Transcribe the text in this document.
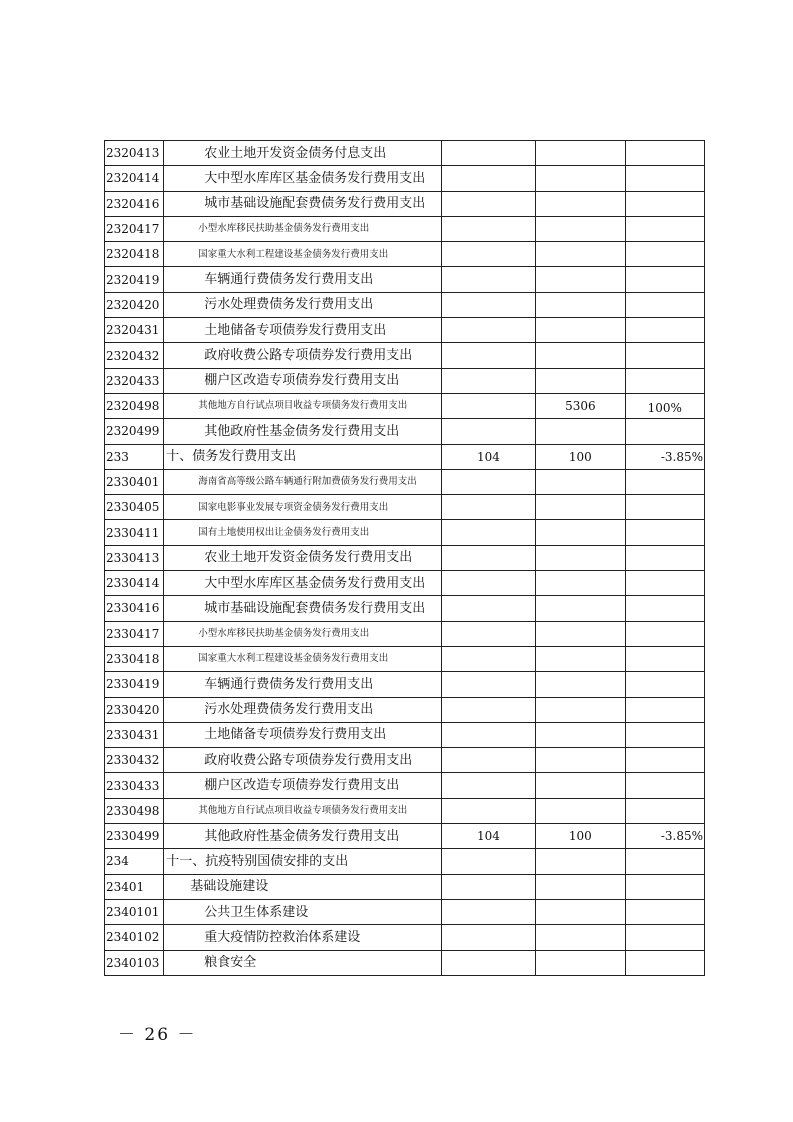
2320413	农业土地开发资金债务付息支出			
2320414	大中型水库库区基金债务发行费用支出			
2320416	城市基础设施配套费债务发行费用支出			
2320417	小型水库移民扶助基金债务发行费用支出			
2320418	国家重大水利工程建设基金债务发行费用支出			
2320419	车辆通行费债务发行费用支出			
2320420	污水处理费债务发行费用支出			
2320431	土地储备专项债券发行费用支出			
2320432	政府收费公路专项债券发行费用支出			
2320433	棚户区改造专项债券发行费用支出			
2320498	其他地方自行试点项目收益专项债务发行费用支出		5306	100%
2320499	其他政府性基金债务发行费用支出			
233	十、债务发行费用支出	104	100	-3.85%
2330401	海南省高等级公路车辆通行附加费债务发行费用支出			
2330405	国家电影事业发展专项资金债务发行费用支出			
2330411	国有土地使用权出让金债务发行费用支出			
2330413	农业土地开发资金债务发行费用支出			
2330414	大中型水库库区基金债务发行费用支出			
2330416	城市基础设施配套费债务发行费用支出			
2330417	小型水库移民扶助基金债务发行费用支出			
2330418	国家重大水利工程建设基金债务发行费用支出			
2330419	车辆通行费债务发行费用支出			
2330420	污水处理费债务发行费用支出			
2330431	土地储备专项债券发行费用支出			
2330432	政府收费公路专项债券发行费用支出			
2330433	棚户区改造专项债券发行费用支出			
2330498	其他地方自行试点项目收益专项债务发行费用支出			
2330499	其他政府性基金债务发行费用支出	104	100	-3.85%
234	十一、抗疫特别国债安排的支出			
23401	基础设施建设			
2340101	公共卫生体系建设			
2340102	重大疫情防控救治体系建设			
2340103	粮食安全			
－ 26 －
